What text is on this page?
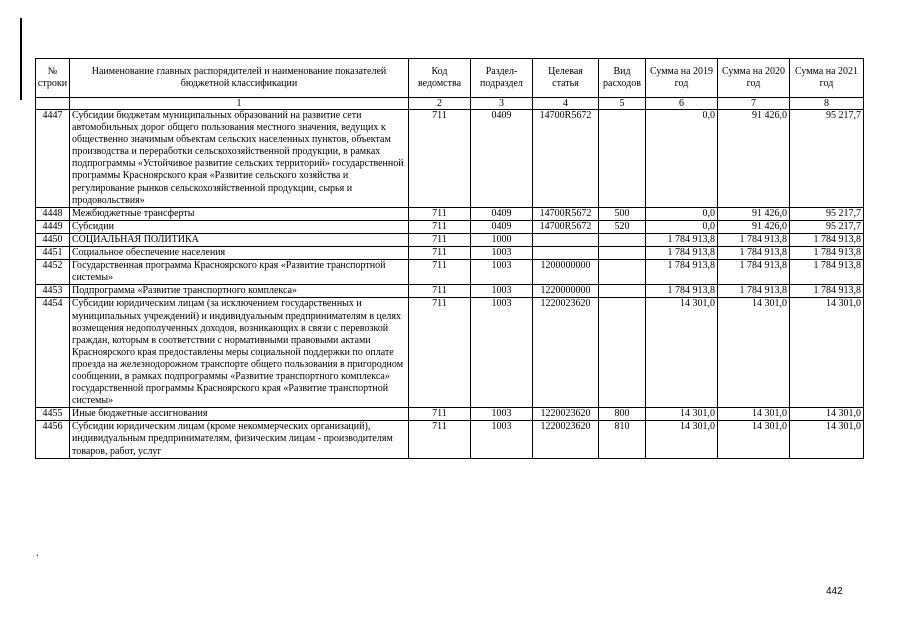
.
№ строки	Наименование главных распорядителей и наименование показателей бюджетной классификации	Код ведомства	Раздел-подраздел	Целевая статья	Вид расходов	Сумма на 2019 год	Сумма на 2020 год	Сумма на 2021 год
	1	2	3	4	5	6	7	8
4447	Субсидии бюджетам муниципальных образований на развитие сети автомобильных дорог общего пользования местного значения, ведущих к общественно значимым объектам сельских населенных пунктов, объектам производства и переработки сельскохозяйственной продукции, в рамках подпрограммы «Устойчивое развитие сельских территорий» государственной программы Красноярского края «Развитие сельского хозяйства и регулирование рынков сельскохозяйственной продукции, сырья и продовольствия»	711	0409	14700R5672		0,0	91 426,0	95 217,7
4448	Межбюджетные трансферты	711	0409	14700R5672	500	0,0	91 426,0	95 217,7
4449	Субсидии	711	0409	14700R5672	520	0,0	91 426,0	95 217,7
4450	СОЦИАЛЬНАЯ ПОЛИТИКА	711	1000			1 784 913,8	1 784 913,8	1 784 913,8
4451	Социальное обеспечение населения	711	1003			1 784 913,8	1 784 913,8	1 784 913,8
4452	Государственная программа Красноярского края «Развитие транспортной системы»	711	1003	1200000000		1 784 913,8	1 784 913,8	1 784 913,8
4453	Подпрограмма «Развитие транспортного комплекса»	711	1003	1220000000		1 784 913,8	1 784 913,8	1 784 913,8
4454	Субсидии юридическим лицам (за исключением государственных и муниципальных учреждений) и индивидуальным предпринимателям в целях возмещения недополученных доходов, возникающих в связи с перевозкой граждан, которым в соответствии с нормативными правовыми актами Красноярского края предоставлены меры социальной поддержки по оплате проезда на железнодорожном транспорте общего пользования в пригородном сообщении, в рамках подпрограммы «Развитие транспортного комплекса» государственной программы Красноярского края «Развитие транспортной системы»	711	1003	1220023620		14 301,0	14 301,0	14 301,0
4455	Иные бюджетные ассигнования	711	1003	1220023620	800	14 301,0	14 301,0	14 301,0
4456	Субсидии юридическим лицам (кроме некоммерческих организаций), индивидуальным предпринимателям, физическим лицам - производителям товаров, работ, услуг	711	1003	1220023620	810	14 301,0	14 301,0	14 301,0
442
